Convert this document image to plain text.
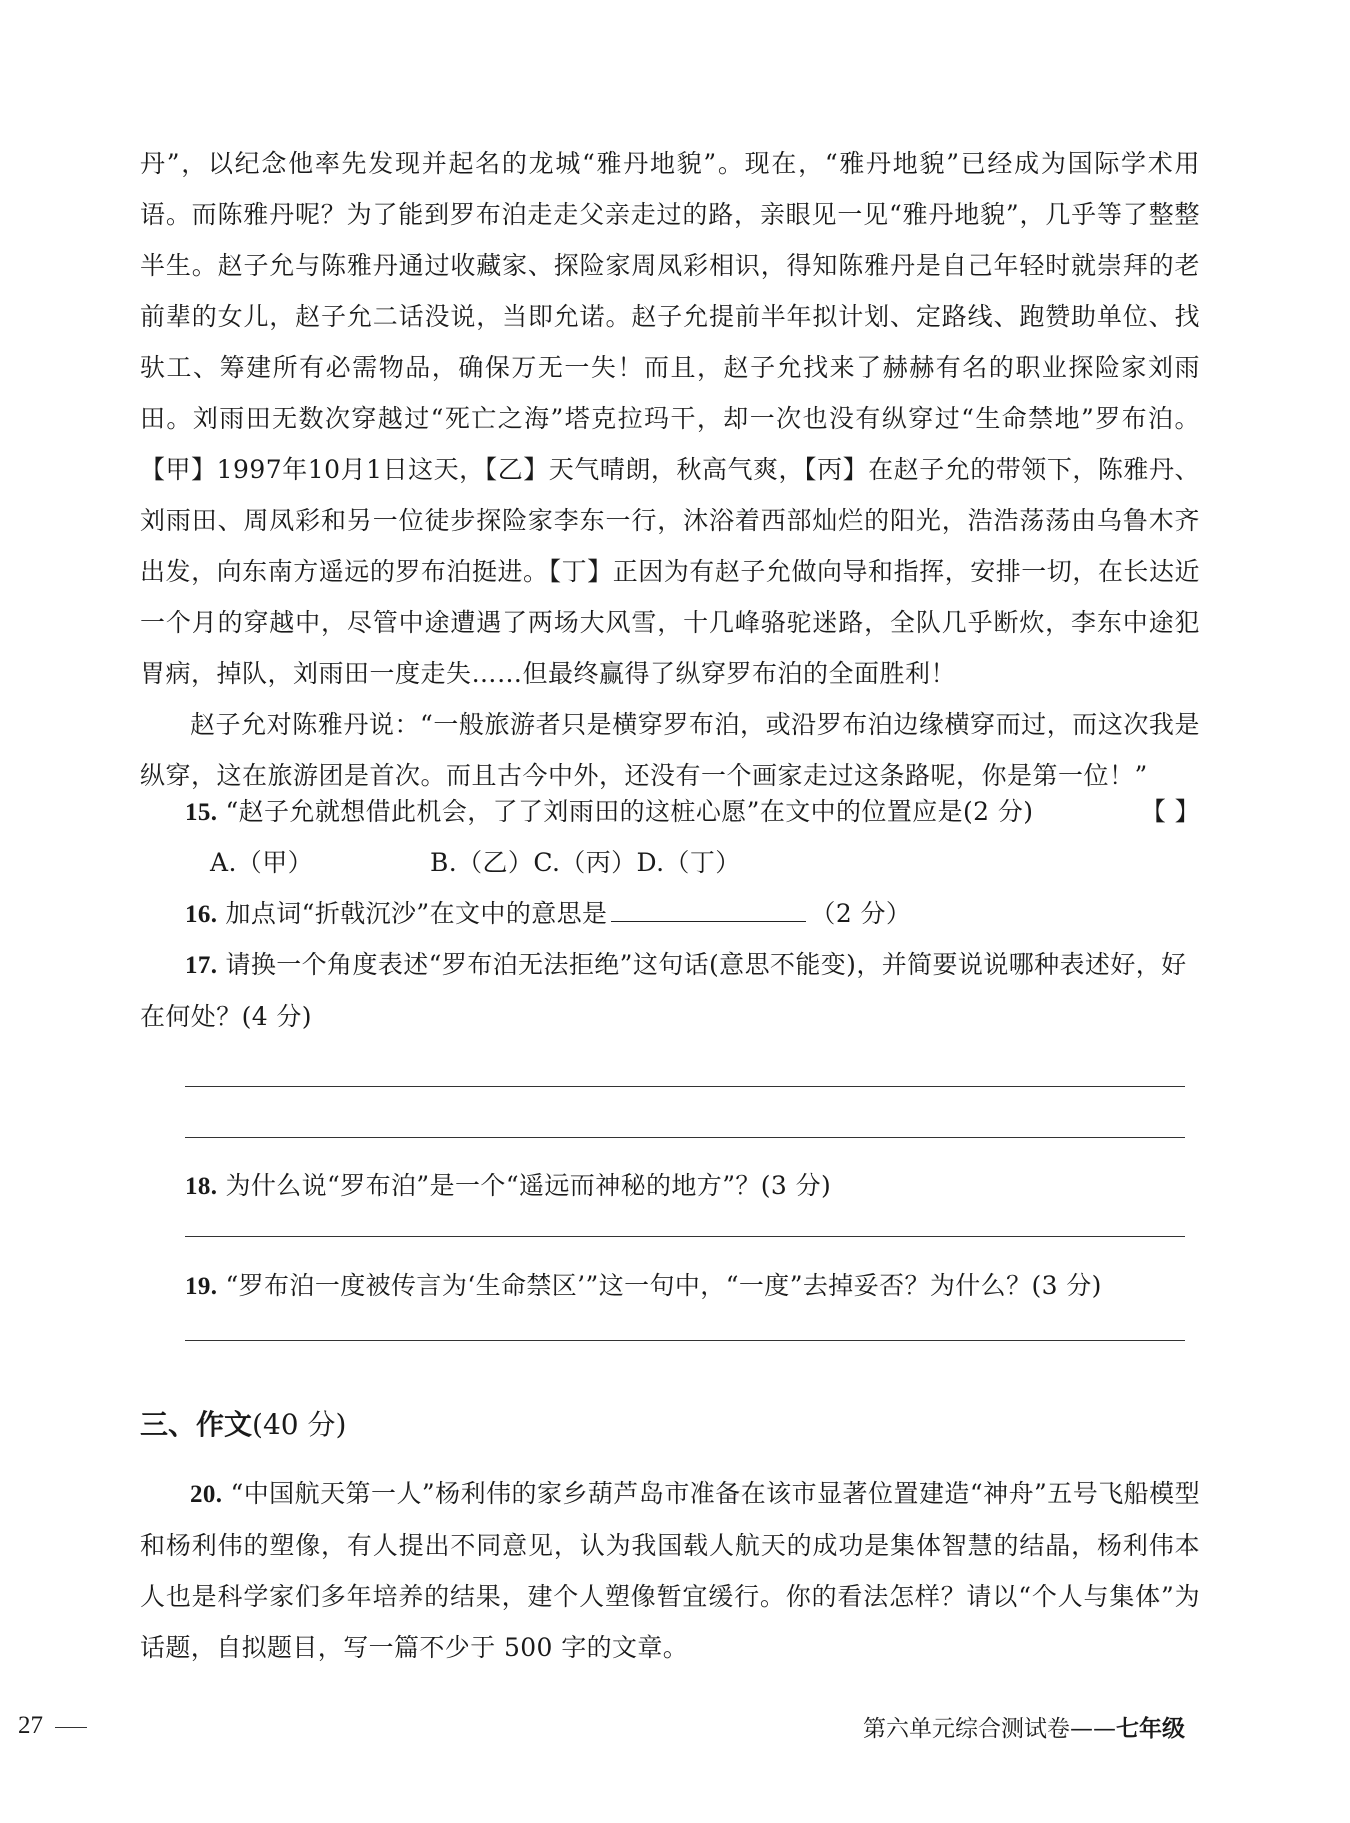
丹”，以纪念他率先发现并起名的龙城“雅丹地貌”。现在，“雅丹地貌”已经成为国际学术用语。而陈雅丹呢？为了能到罗布泊走走父亲走过的路，亲眼见一见“雅丹地貌”，几乎等了整整半生。赵子允与陈雅丹通过收藏家、探险家周凤彩相识，得知陈雅丹是自己年轻时就崇拜的老前辈的女儿，赵子允二话没说，当即允诺。赵子允提前半年拟计划、定路线、跑赞助单位、找驮工、筹建所有必需物品，确保万无一失！而且，赵子允找来了赫赫有名的职业探险家刘雨田。刘雨田无数次穿越过“死亡之海”塔克拉玛干，却一次也没有纵穿过“生命禁地”罗布泊。【甲】1997年10月1日这天，【乙】天气晴朗，秋高气爽，【丙】在赵子允的带领下，陈雅丹、刘雨田、周凤彩和另一位徒步探险家李东一行，沐浴着西部灿烂的阳光，浩浩荡荡由乌鲁木齐出发，向东南方遥远的罗布泊挺进。【丁】正因为有赵子允做向导和指挥，安排一切，在长达近一个月的穿越中，尽管中途遭遇了两场大风雪，十几峰骆驼迷路，全队几乎断炊，李东中途犯胃病，掉队，刘雨田一度走失……但最终赢得了纵穿罗布泊的全面胜利！

赵子允对陈雅丹说：“一般旅游者只是横穿罗布泊，或沿罗布泊边缘横穿而过，而这次我是纵穿，这在旅游团是首次。而且古今中外，还没有一个画家走过这条路呢，你是第一位！”

15. “赵子允就想借此机会，了了刘雨田的这桩心愿”在文中的位置应是(2 分)	【 】
A.（甲）	B.（乙）C.（丙）D.（丁）
16. 加点词“折戟沉沙”在文中的意思是	（2 分）
17. 请换一个角度表述“罗布泊无法拒绝”这句话(意思不能变)，并简要说说哪种表述好，好在何处？(4 分)
18. 为什么说“罗布泊”是一个“遥远而神秘的地方”？(3 分)
19. “罗布泊一度被传言为‘生命禁区’”这一句中，“一度”去掉妥否？为什么？(3 分)
三、作文(40 分)
20. “中国航天第一人”杨利伟的家乡葫芦岛市准备在该市显著位置建造“神舟”五号飞船模型和杨利伟的塑像，有人提出不同意见，认为我国载人航天的成功是集体智慧的结晶，杨利伟本人也是科学家们多年培养的结果，建个人塑像暂宜缓行。你的看法怎样？请以“个人与集体”为话题，自拟题目，写一篇不少于 500 字的文章。
27	第六单元综合测试卷——七年级
